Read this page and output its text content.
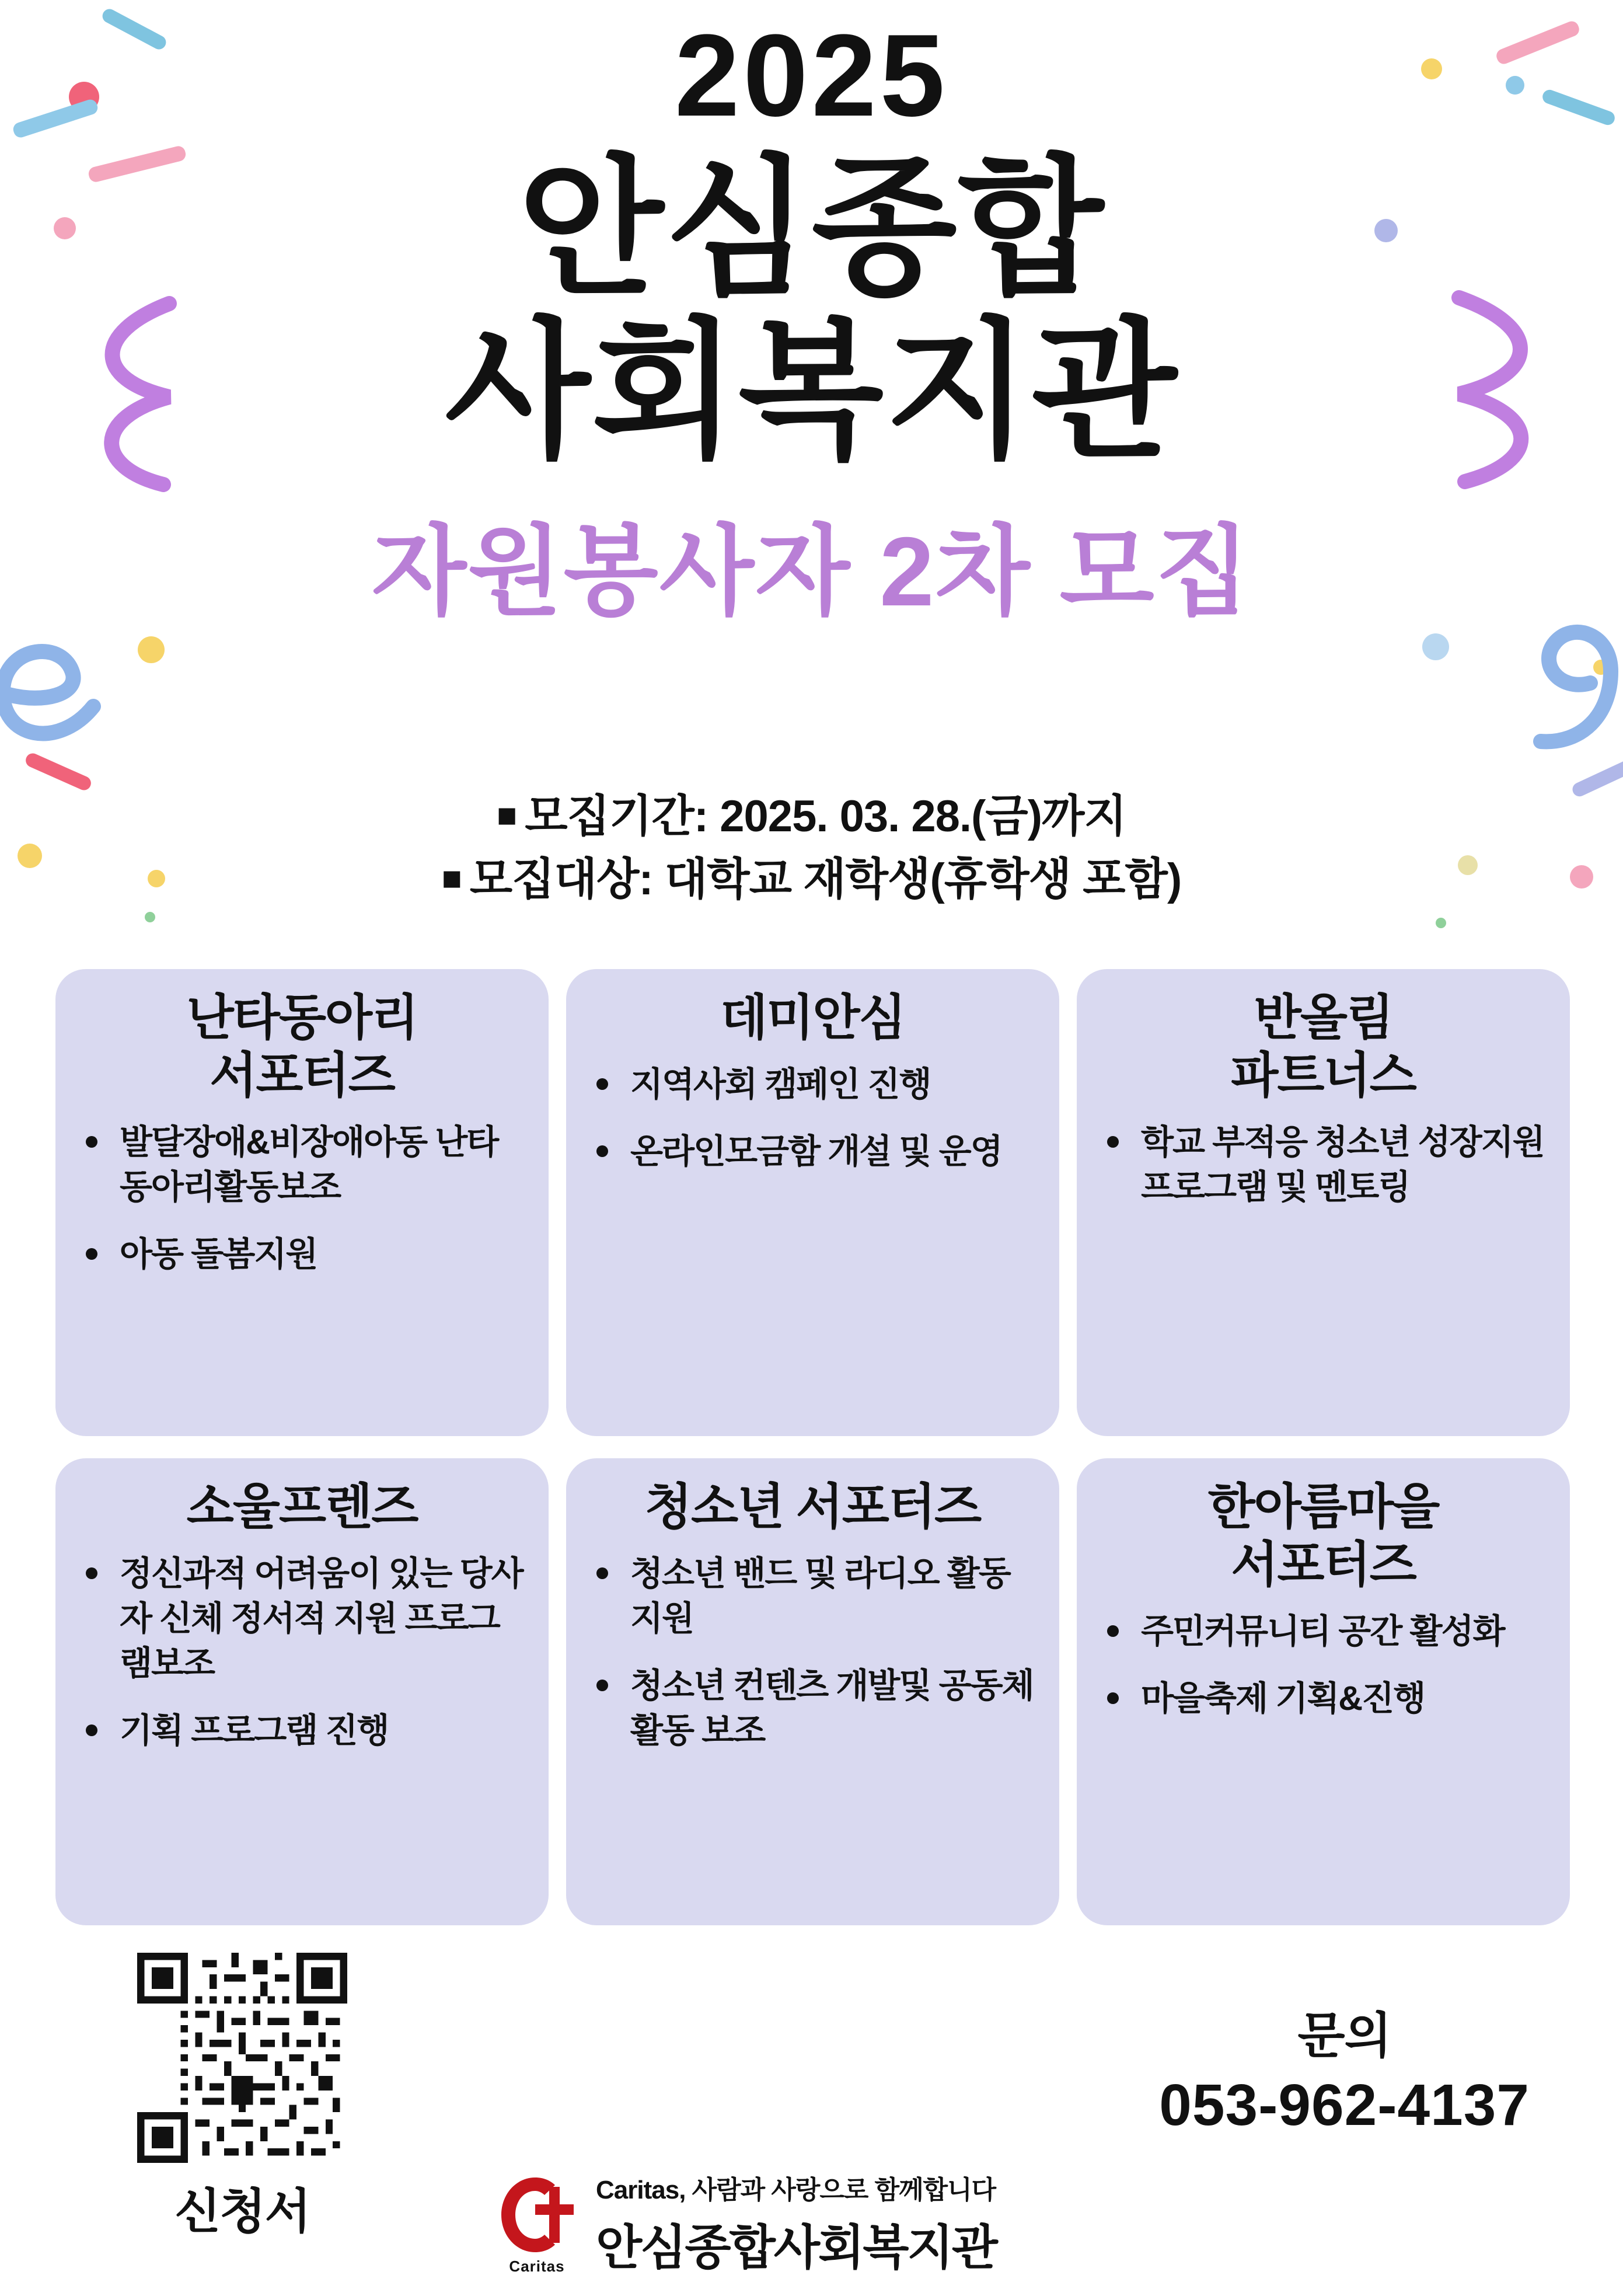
2025
안심종합
사회복지관
자원봉사자 2차 모집
■ 모집기간: 2025. 03. 28.(금)까지
■ 모집대상: 대학교 재학생(휴학생 포함)
난타동아리
서포터즈
발달장애&비장애아동 난타동아리활동보조
아동 돌봄지원
데미안심
지역사회 캠페인 진행
온라인모금함 개설 및 운영
반올림
파트너스
학교 부적응 청소년 성장지원 프로그램 및 멘토링
소울프렌즈
정신과적 어려움이 있는 당사자 신체 정서적 지원 프로그램보조
기획 프로그램 진행
청소년 서포터즈
청소년 밴드 및 라디오 활동지원
청소년 컨텐츠 개발및 공동체 활동 보조
한아름마을
서포터즈
주민커뮤니티 공간 활성화
마을축제 기획&진행
신청서
문의
053-962-4137
Caritas
Caritas, 사람과 사랑으로 함께합니다
안심종합사회복지관
